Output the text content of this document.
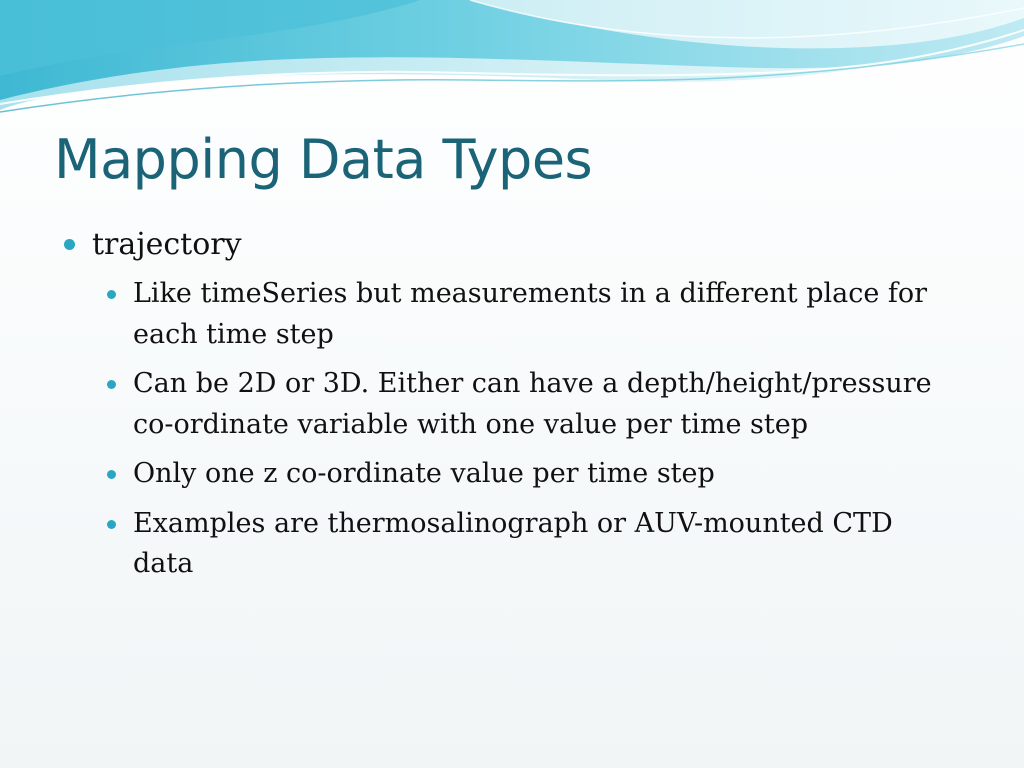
Mapping Data Types
trajectory
Like timeSeries but measurements in a different place for each time step
Can be 2D or 3D. Either can have a depth/height/pressure co-ordinate variable with one value per time step
Only one z co-ordinate value per time step
Examples are thermosalinograph or AUV-mounted CTD data
